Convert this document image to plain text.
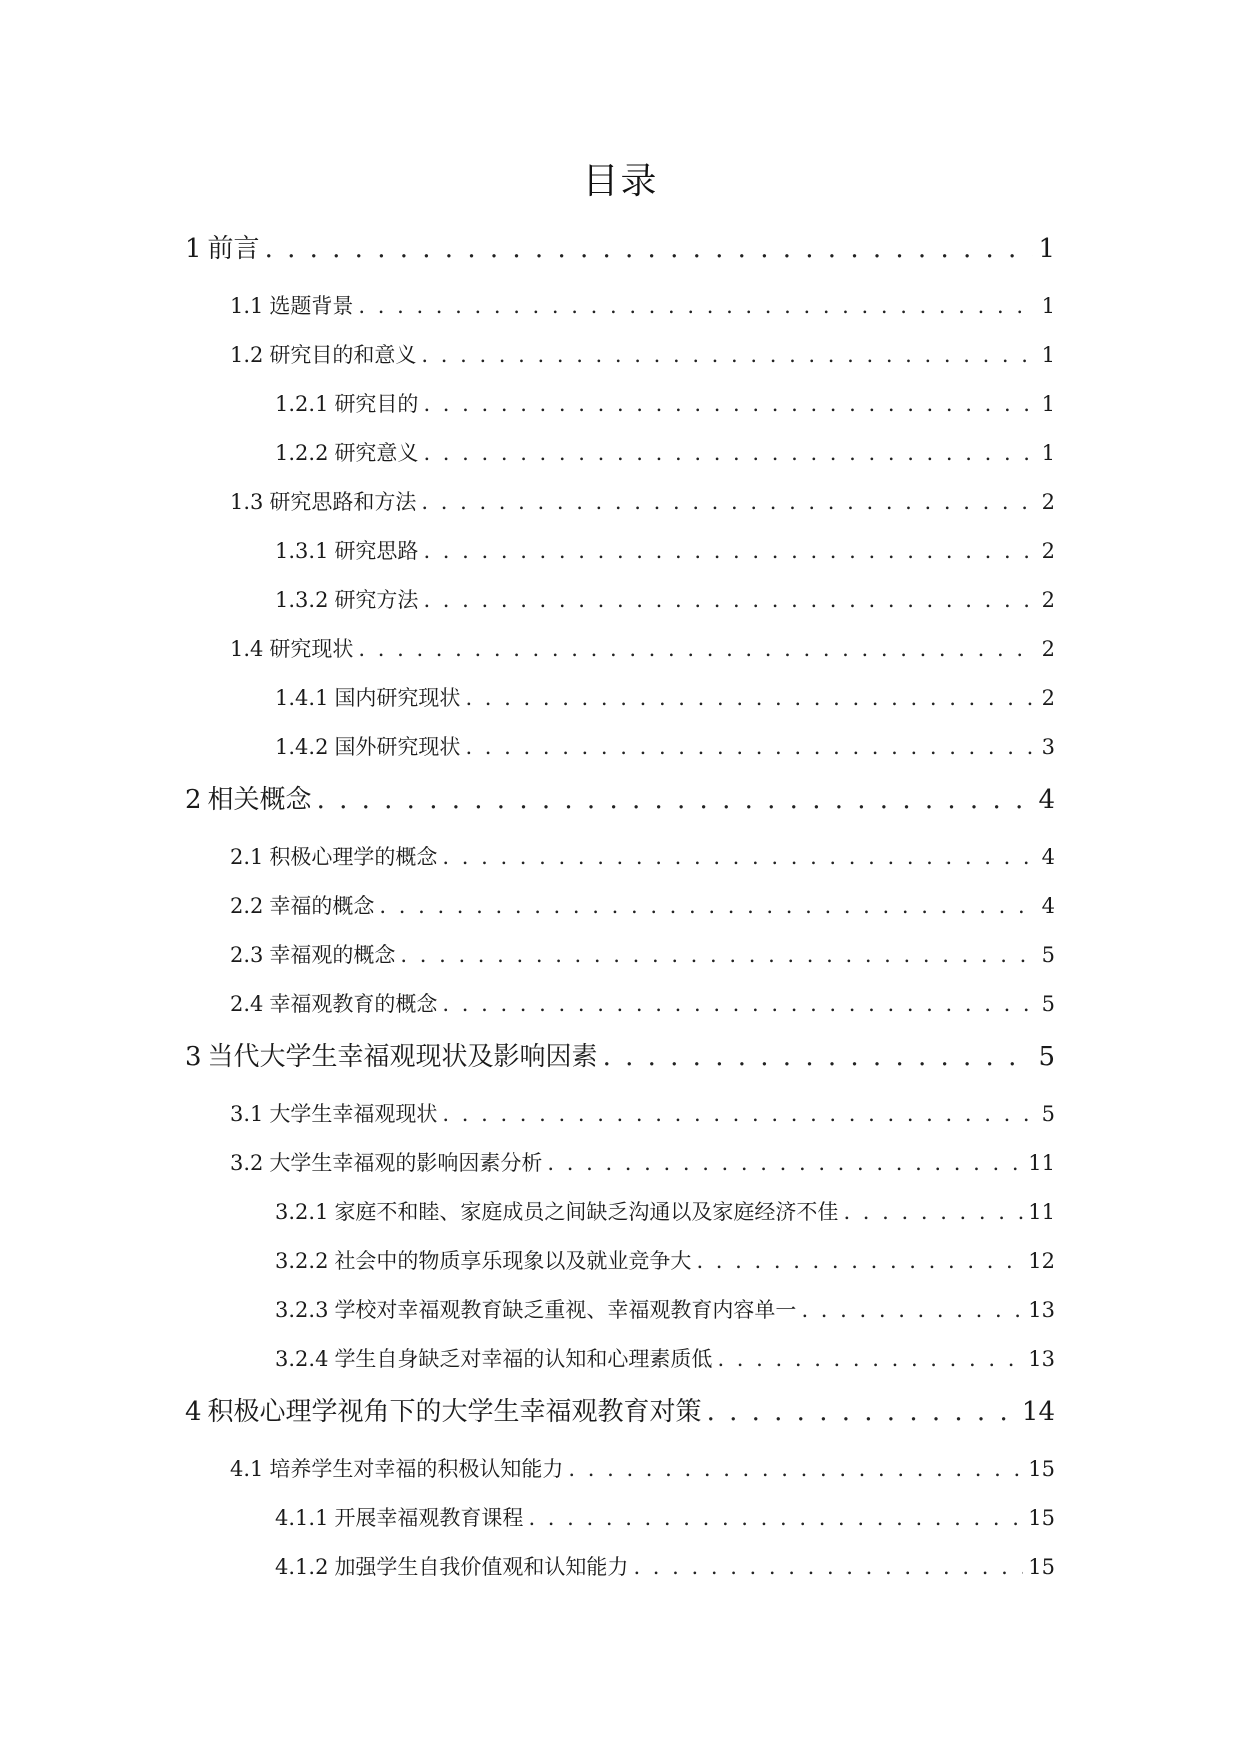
目录
1 前言 . . .	1
1.1 选题背景 . . .	1
1.2 研究目的和意义 . . .	1
1.2.1 研究目的 . . .	1
1.2.2 研究意义 . . .	1
1.3 研究思路和方法 . . .	2
1.3.1 研究思路 . . .	2
1.3.2 研究方法 . . .	2
1.4 研究现状 . . .	2
1.4.1 国内研究现状 . . .	2
1.4.2 国外研究现状 . . .	3
2 相关概念 . . .	4
2.1 积极心理学的概念 . . .	4
2.2 幸福的概念 . . .	4
2.3 幸福观的概念 . . .	5
2.4 幸福观教育的概念 . . .	5
3 当代大学生幸福观现状及影响因素 . . .	5
3.1 大学生幸福观现状 . . .	5
3.2 大学生幸福观的影响因素分析 . . .	11
3.2.1 家庭不和睦、家庭成员之间缺乏沟通以及家庭经济不佳 . . .	11
3.2.2 社会中的物质享乐现象以及就业竞争大 . . .	12
3.2.3 学校对幸福观教育缺乏重视、幸福观教育内容单一 . . .	13
3.2.4 学生自身缺乏对幸福的认知和心理素质低 . . .	13
4 积极心理学视角下的大学生幸福观教育对策 . . .	14
4.1 培养学生对幸福的积极认知能力 . . .	15
4.1.1 开展幸福观教育课程 . . .	15
4.1.2 加强学生自我价值观和认知能力 . . .	15
